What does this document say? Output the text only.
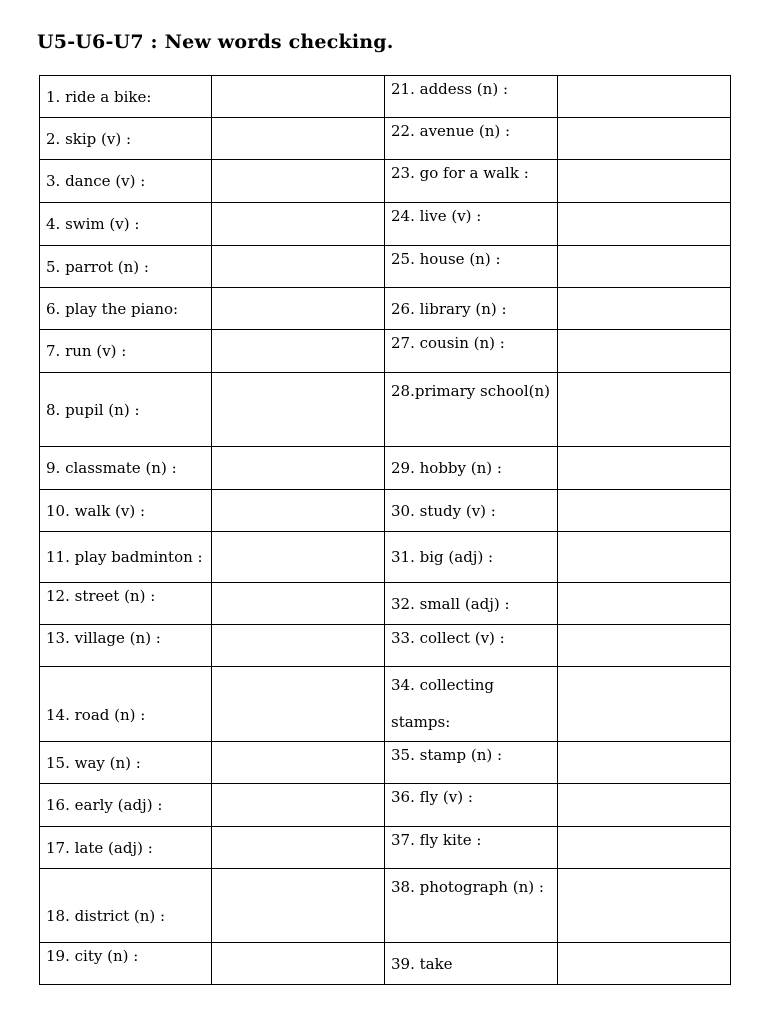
U5-U6-U7 : New words checking.
1. ride a bike:		21. addess (n) :	
2. skip (v) :		22. avenue (n) :	
3. dance (v) :		23. go for a walk :	
4. swim (v) :		24. live (v) :	
5. parrot (n) :		25. house (n) :	
6. play the piano:		26. library (n) :	
7. run (v) :		27. cousin (n) :	
8. pupil (n) :		28.primary school(n)	
9. classmate (n) :		29. hobby (n) :	
10. walk (v) :		30. study (v) :	
11. play badminton :		31. big (adj) :	
12. street (n) :		32. small (adj) :	
13. village (n) :		33. collect (v) :	
14. road (n) :		34. collecting stamps:	
15. way (n) :		35. stamp (n) :	
16. early (adj) :		36. fly (v) :	
17. late (adj) :		37. fly kite :	
18. district (n) :		38. photograph (n) :	
19. city (n) :		39. take	
